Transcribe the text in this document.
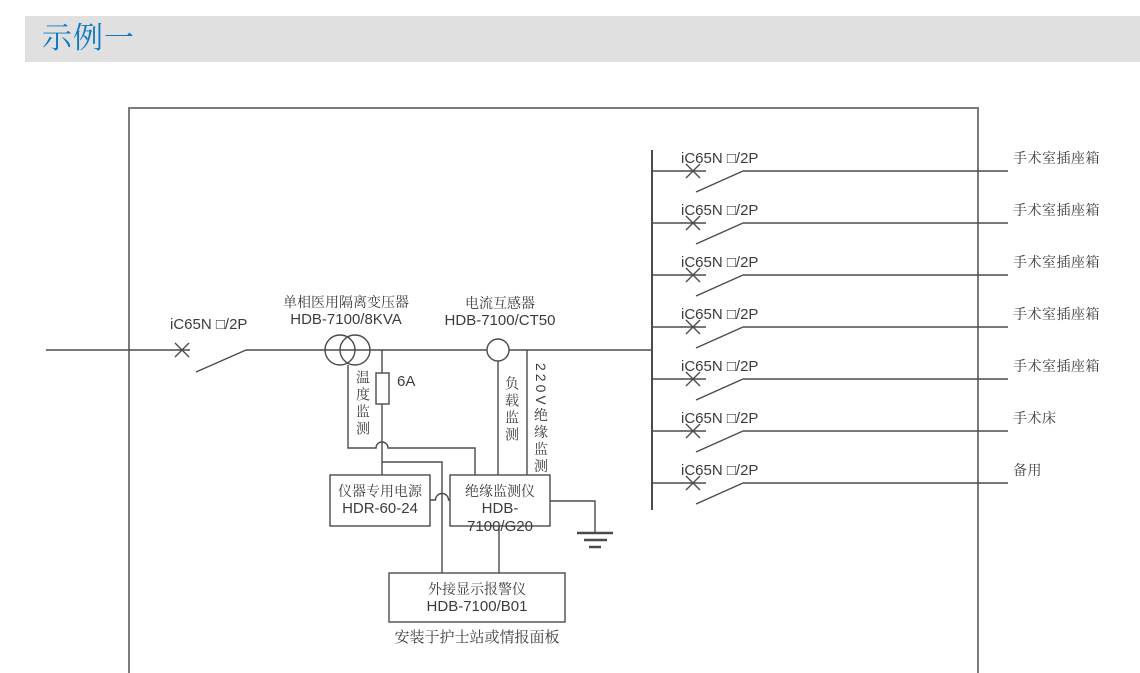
示例一
iC65N □/2P
单相医用隔离变压器
HDB-7100/8KVA
电流互感器
HDB-7100/CT50
6A
温度监测	负载监测 220V绝缘监测
iC65N □/2P
iC65N □/2P
iC65N □/2P
iC65N □/2P
iC65N □/2P
iC65N □/2P
iC65N □/2P
手术室插座箱
手术室插座箱
手术室插座箱
手术室插座箱
手术室插座箱
手术床
备用
仪器专用电源
HDR-60-24
绝缘监测仪
HDB-7100/G20
外接显示报警仪
HDB-7100/B01
安装于护士站或情报面板
